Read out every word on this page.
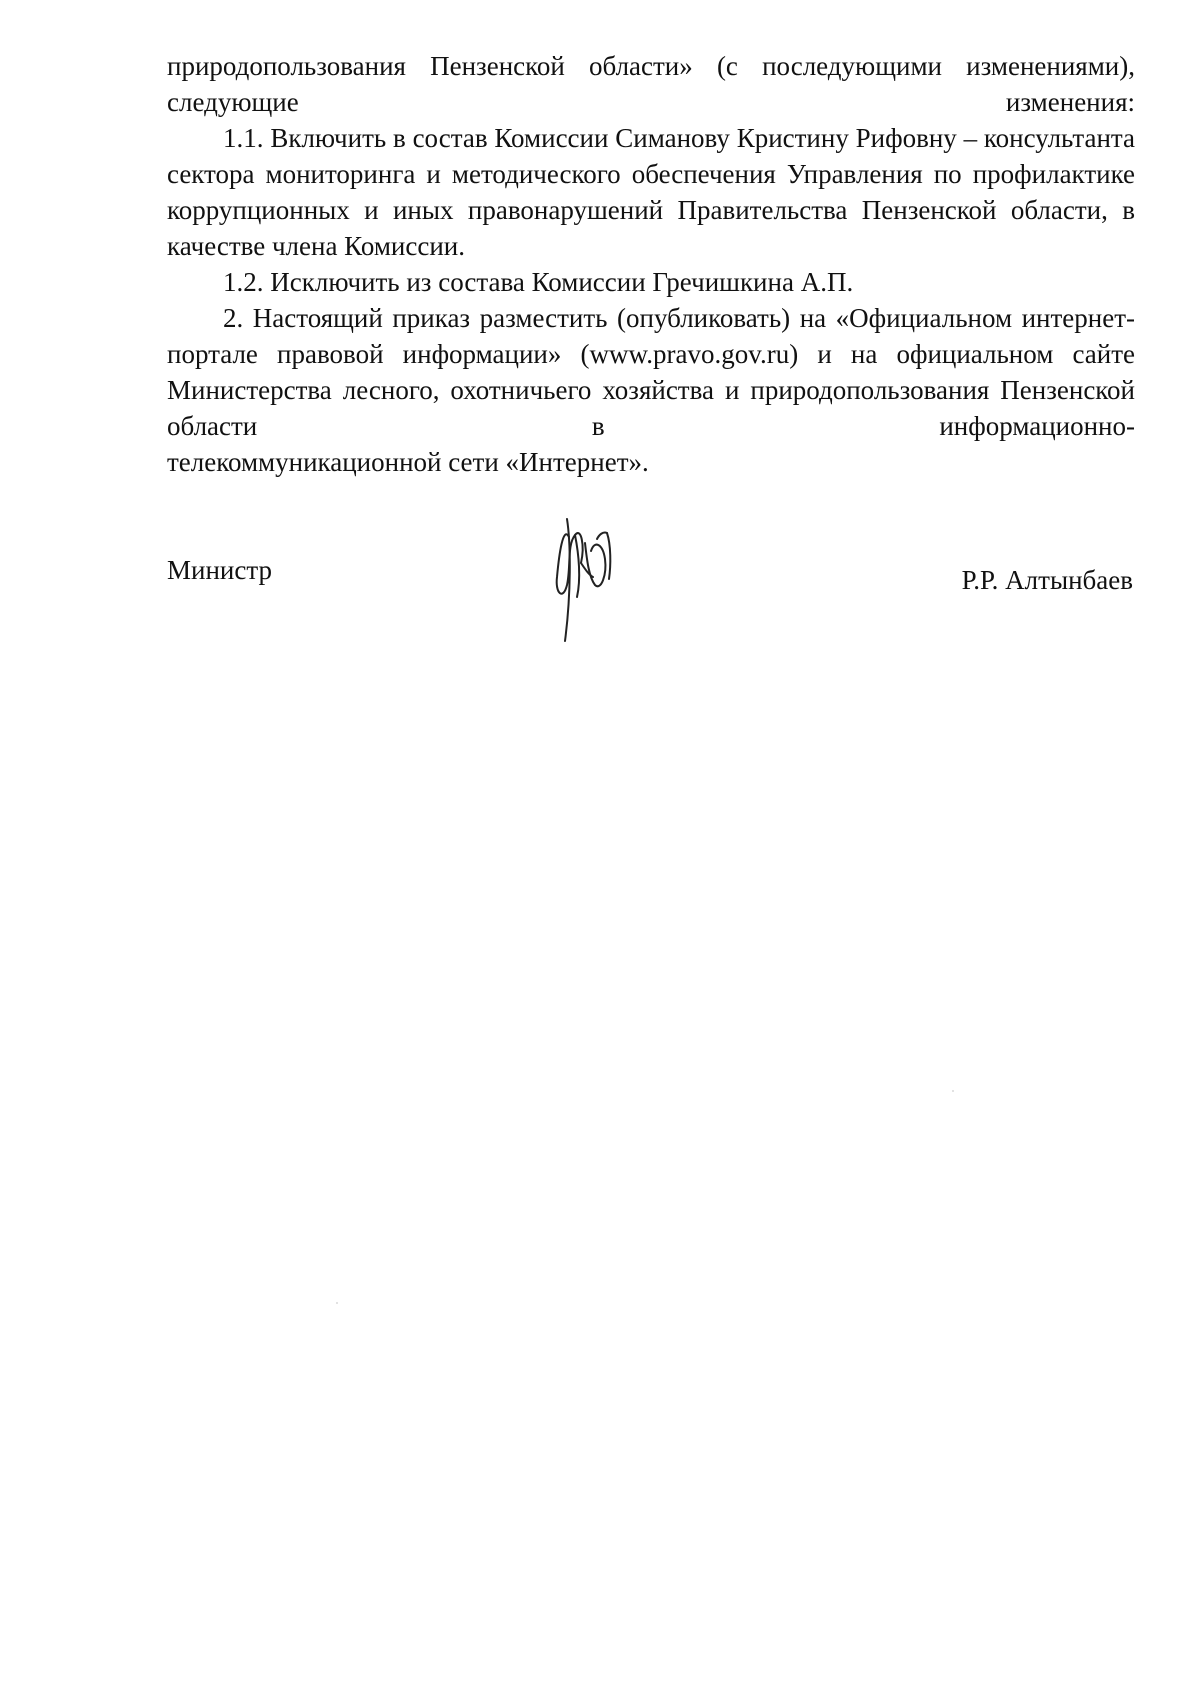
природопользования Пензенской области» (с последующими изменениями), следующие изменения:

1.1. Включить в состав Комиссии Симанову Кристину Рифовну – консультанта сектора мониторинга и методического обеспечения Управления по профилактике коррупционных и иных правонарушений Правительства Пензенской области, в качестве члена Комиссии.

1.2. Исключить из состава Комиссии Гречишкина А.П.

2. Настоящий приказ разместить (опубликовать) на «Официальном интернет-портале правовой информации» (www.pravo.gov.ru) и на официальном сайте Министерства лесного, охотничьего хозяйства и природопользования Пензенской области в информационно-

телекоммуникационной сети «Интернет».

Министр	Р.Р. Алтынбаев
